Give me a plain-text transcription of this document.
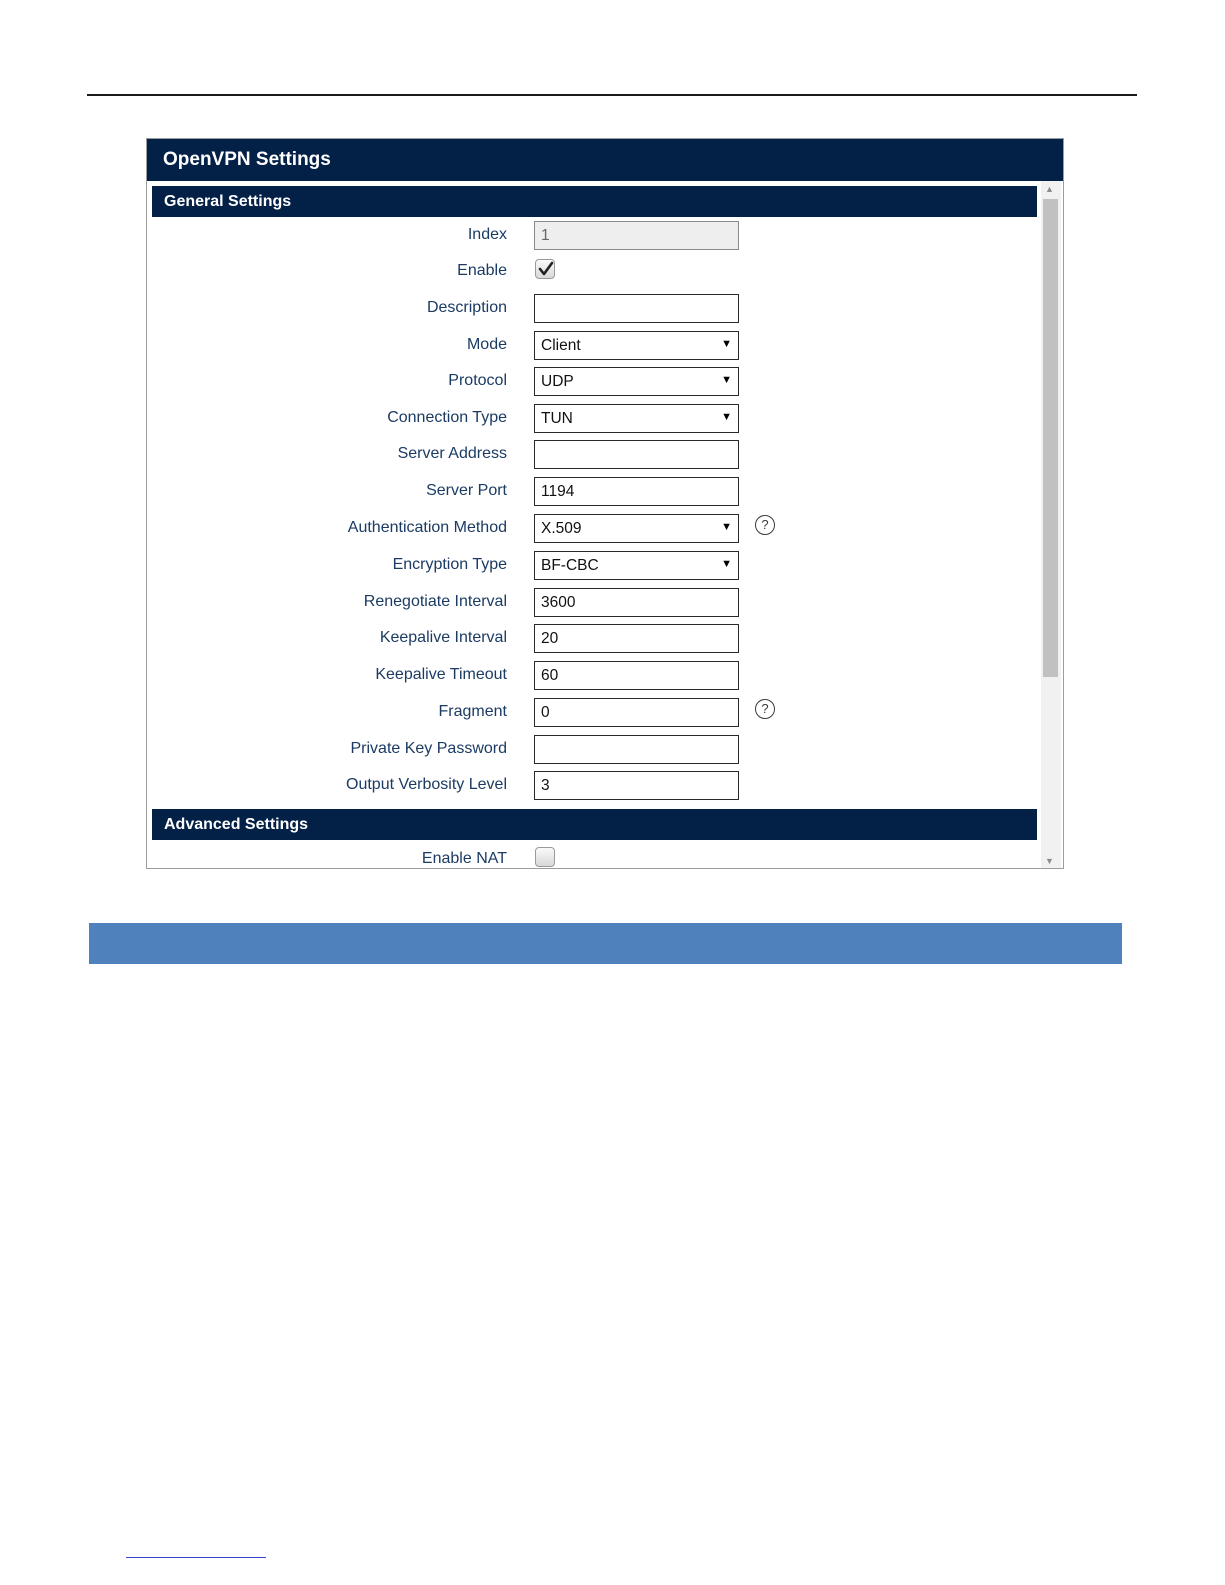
OpenVPN Settings
General Settings
Index	1
Enable
Description
Mode	Client	▼
Protocol	UDP	▼
Connection Type	TUN	▼
Server Address
Server Port	1194
Authentication Method	X.509	▼	?
Encryption Type	BF-CBC	▼
Renegotiate Interval	3600
Keepalive Interval	20
Keepalive Timeout	60
Fragment	0	?
Private Key Password
Output Verbosity Level	3
Advanced Settings
Enable NAT
▲
▼
